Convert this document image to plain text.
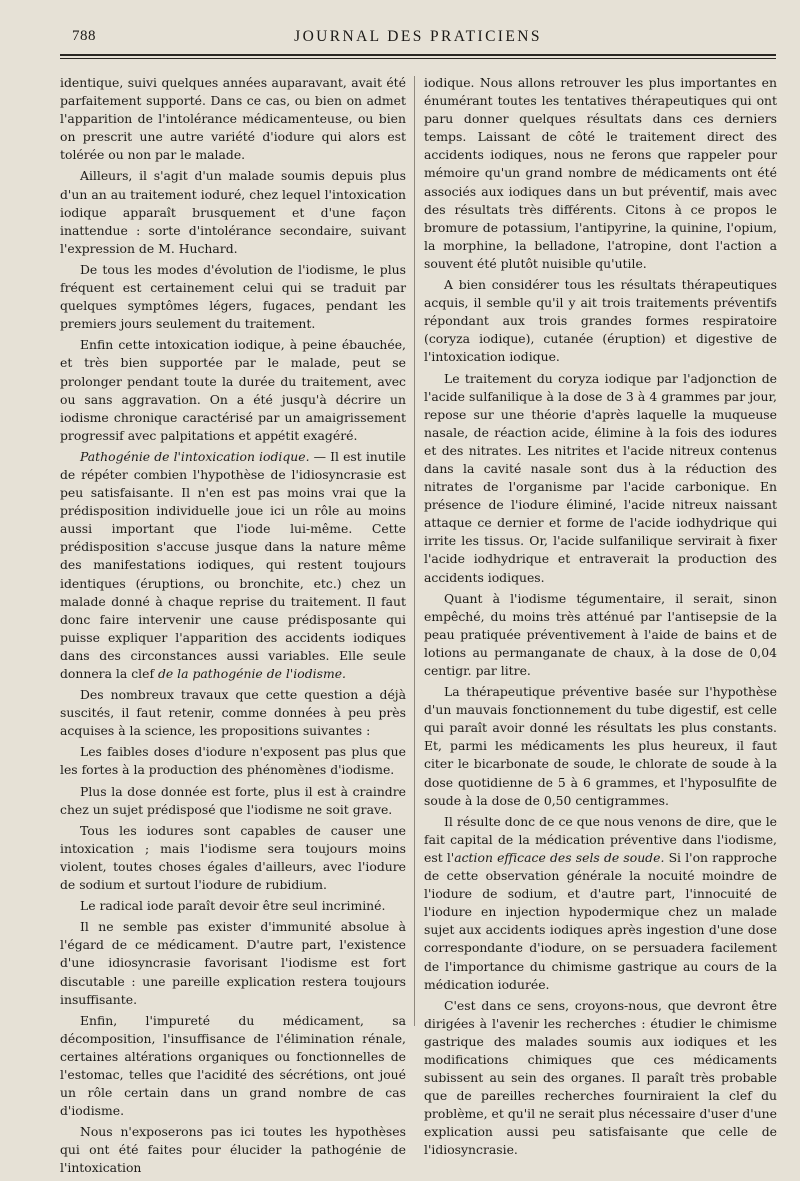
788	JOURNAL DES PRATICIENS

identique, suivi quelques années auparavant, avait été parfaitement supporté. Dans ce cas, ou bien on admet l'apparition de l'intolérance médicamenteuse, ou bien on prescrit une autre variété d'iodure qui alors est tolérée ou non par le malade.

Ailleurs, il s'agit d'un malade soumis depuis plus d'un an au traitement ioduré, chez lequel l'intoxication iodique apparaît brusquement et d'une façon inattendue : sorte d'intolérance secondaire, suivant l'expression de M. Huchard.

De tous les modes d'évolution de l'iodisme, le plus fréquent est certainement celui qui se traduit par quelques symptômes légers, fugaces, pendant les premiers jours seulement du traitement.

Enfin cette intoxication iodique, à peine ébauchée, et très bien supportée par le malade, peut se prolonger pendant toute la durée du traitement, avec ou sans aggravation. On a été jusqu'à décrire un iodisme chronique caractérisé par un amaigrissement progressif avec palpitations et appétit exagéré.

Pathogénie de l'intoxication iodique. — Il est inutile de répéter combien l'hypothèse de l'idiosyncrasie est peu satisfaisante. Il n'en est pas moins vrai que la prédisposition individuelle joue ici un rôle au moins aussi important que l'iode lui-même. Cette prédisposition s'accuse jusque dans la nature même des manifestations iodiques, qui restent toujours identiques (éruptions, ou bronchite, etc.) chez un malade donné à chaque reprise du traitement. Il faut donc faire intervenir une cause prédisposante qui puisse expliquer l'apparition des accidents iodiques dans des circonstances aussi variables. Elle seule donnera la clef de la pathogénie de l'iodisme.

Des nombreux travaux que cette question a déjà suscités, il faut retenir, comme données à peu près acquises à la science, les propositions suivantes :

Les faibles doses d'iodure n'exposent pas plus que les fortes à la production des phénomènes d'iodisme.

Plus la dose donnée est forte, plus il est à craindre chez un sujet prédisposé que l'iodisme ne soit grave.

Tous les iodures sont capables de causer une intoxication ; mais l'iodisme sera toujours moins violent, toutes choses égales d'ailleurs, avec l'iodure de sodium et surtout l'iodure de rubidium.

Le radical iode paraît devoir être seul incriminé.

Il ne semble pas exister d'immunité absolue à l'égard de ce médicament. D'autre part, l'existence d'une idiosyncrasie favorisant l'iodisme est fort discutable : une pareille explication restera toujours insuffisante.

Enfin, l'impureté du médicament, sa décomposition, l'insuffisance de l'élimination rénale, certaines altérations organiques ou fonctionnelles de l'estomac, telles que l'acidité des sécrétions, ont joué un rôle certain dans un grand nombre de cas d'iodisme.

Nous n'exposerons pas ici toutes les hypothèses qui ont été faites pour élucider la pathogénie de l'intoxication

iodique. Nous allons retrouver les plus importantes en énumérant toutes les tentatives thérapeutiques qui ont paru donner quelques résultats dans ces derniers temps. Laissant de côté le traitement direct des accidents iodiques, nous ne ferons que rappeler pour mémoire qu'un grand nombre de médicaments ont été associés aux iodiques dans un but préventif, mais avec des résultats très différents. Citons à ce propos le bromure de potassium, l'antipyrine, la quinine, l'opium, la morphine, la belladone, l'atropine, dont l'action a souvent été plutôt nuisible qu'utile.

A bien considérer tous les résultats thérapeutiques acquis, il semble qu'il y ait trois traitements préventifs répondant aux trois grandes formes respiratoire (coryza iodique), cutanée (éruption) et digestive de l'intoxication iodique.

Le traitement du coryza iodique par l'adjonction de l'acide sulfanilique à la dose de 3 à 4 grammes par jour, repose sur une théorie d'après laquelle la muqueuse nasale, de réaction acide, élimine à la fois des iodures et des nitrates. Les nitrites et l'acide nitreux contenus dans la cavité nasale sont dus à la réduction des nitrates de l'organisme par l'acide carbonique. En présence de l'iodure éliminé, l'acide nitreux naissant attaque ce dernier et forme de l'acide iodhydrique qui irrite les tissus. Or, l'acide sulfanilique servirait à fixer l'acide iodhydrique et entraverait la production des accidents iodiques.

Quant à l'iodisme tégumentaire, il serait, sinon empêché, du moins très atténué par l'antisepsie de la peau pratiquée préventivement à l'aide de bains et de lotions au permanganate de chaux, à la dose de 0,04 centigr. par litre.

La thérapeutique préventive basée sur l'hypothèse d'un mauvais fonctionnement du tube digestif, est celle qui paraît avoir donné les résultats les plus constants. Et, parmi les médicaments les plus heureux, il faut citer le bicarbonate de soude, le chlorate de soude à la dose quotidienne de 5 à 6 grammes, et l'hyposulfite de soude à la dose de 0,50 centigrammes.

Il résulte donc de ce que nous venons de dire, que le fait capital de la médication préventive dans l'iodisme, est l'action efficace des sels de soude. Si l'on rapproche de cette observation générale la nocuité moindre de l'iodure de sodium, et d'autre part, l'innocuité de l'iodure en injection hypodermique chez un malade sujet aux accidents iodiques après ingestion d'une dose correspondante d'iodure, on se persuadera facilement de l'importance du chimisme gastrique au cours de la médication iodurée.

C'est dans ce sens, croyons-nous, que devront être dirigées à l'avenir les recherches : étudier le chimisme gastrique des malades soumis aux iodiques et les modifications chimiques que ces médicaments subissent au sein des organes. Il paraît très probable que de pareilles recherches fourniraient la clef du problème, et qu'il ne serait plus nécessaire d'user d'une explication aussi peu satisfaisante que celle de l'idiosyncrasie.
